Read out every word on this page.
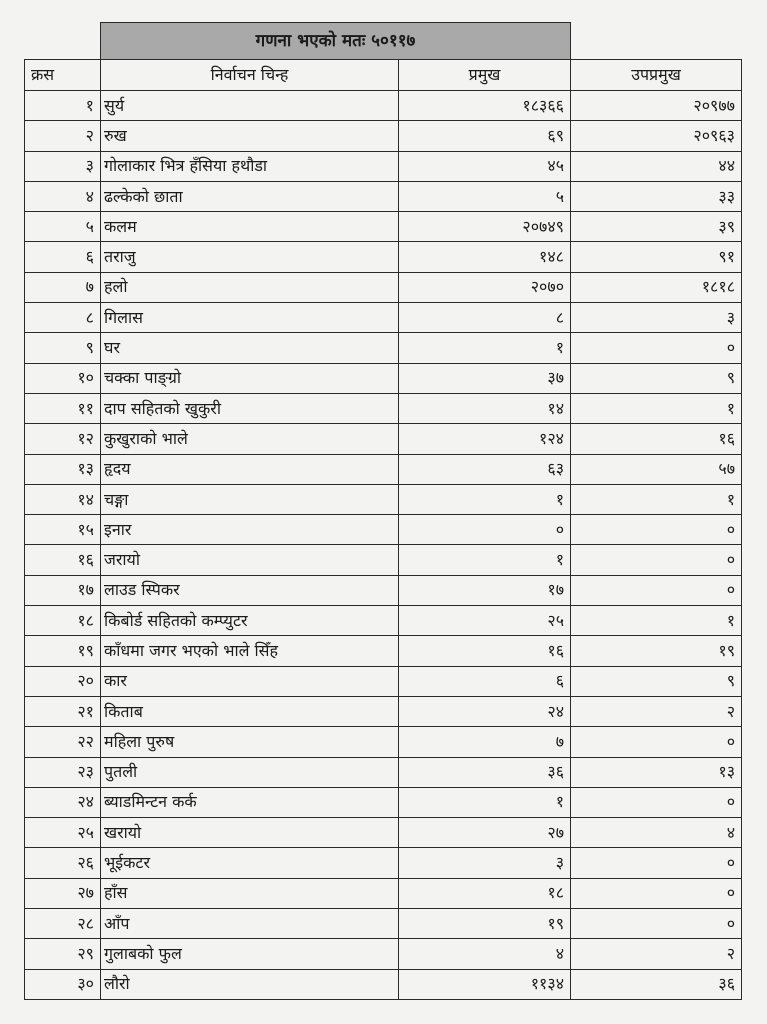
	गणना भएको मतः ५०११७		
क्रस	निर्वाचन चिन्ह	प्रमुख	उपप्रमुख
१	सुर्य	१८३६६	२०९७७
२	रुख	६९	२०९६३
३	गोलाकार भित्र हँसिया हथौडा	४५	४४
४	ढल्केको छाता	५	३३
५	कलम	२०७४९	३९
६	तराजु	१४८	९१
७	हलो	२०७०	१८१८
८	गिलास	८	३
९	घर	१	०
१०	चक्का पाङ्ग्रो	३७	९
११	दाप सहितको खुकुरी	१४	१
१२	कुखुराको भाले	१२४	१६
१३	हृदय	६३	५७
१४	चङ्गा	१	१
१५	इनार	०	०
१६	जरायो	१	०
१७	लाउड स्पिकर	१७	०
१८	किबोर्ड सहितको कम्प्युटर	२५	१
१९	काँधमा जगर भएको भाले सिँह	१६	१९
२०	कार	६	९
२१	किताब	२४	२
२२	महिला पुरुष	७	०
२३	पुतली	३६	१३
२४	ब्याडमिन्टन कर्क	१	०
२५	खरायो	२७	४
२६	भूईकटर	३	०
२७	हाँस	१८	०
२८	आँप	१९	०
२९	गुलाबको फुल	४	२
३०	लौरो	११३४	३६
